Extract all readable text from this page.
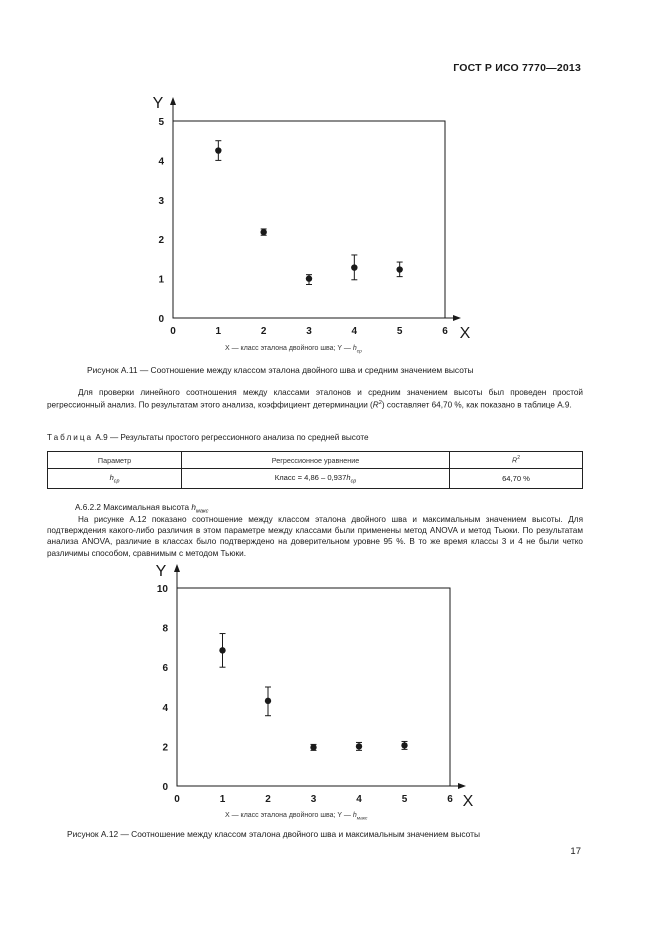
ГОСТ Р ИСО 7770—2013
Y
X
0	1	2	3	4	5	6
0
1
2
3
4
5
X — класс эталона двойного шва; Y — $h_{cp}$
Рисунок А.11 — Соотношение между классом эталона двойного шва и средним значением высоты
Для проверки линейного соотношения между классами эталонов и средним значением высоты был проведен простой регрессионный анализ. По результатам этого анализа, коэффициент детерминации $(R^2)$ составляет 64,70 %, как показано в таблице А.9.
Таблица А.9 — Результаты простого регрессионного анализа по средней высоте
Параметр	Регрессионное уравнение	$R^2$
$h_{cp}$	Класс = $4,86 - 0,937h_{cp}$	64,70 %
А.6.2.2 Максимальная высота $h_{макс}$
На рисунке А.12 показано соотношение между классом эталона двойного шва и максимальным значением высоты. Для подтверждения какого-либо различия в этом параметре между классами были применены метод ANOVA и метод Тьюки. По результатам анализа ANOVA, различие в классах было подтверждено на доверительном уровне 95 %. В то же время классы 3 и 4 не были четко различимы способом, сравнимым с методом Тьюки.
Y
X
0	1	2	3	4	5	6
0
2
4
6
8
10
X — класс эталона двойного шва; Y — $h_{макс}$
Рисунок А.12 — Соотношение между классом эталона двойного шва и максимальным значением высоты
17
